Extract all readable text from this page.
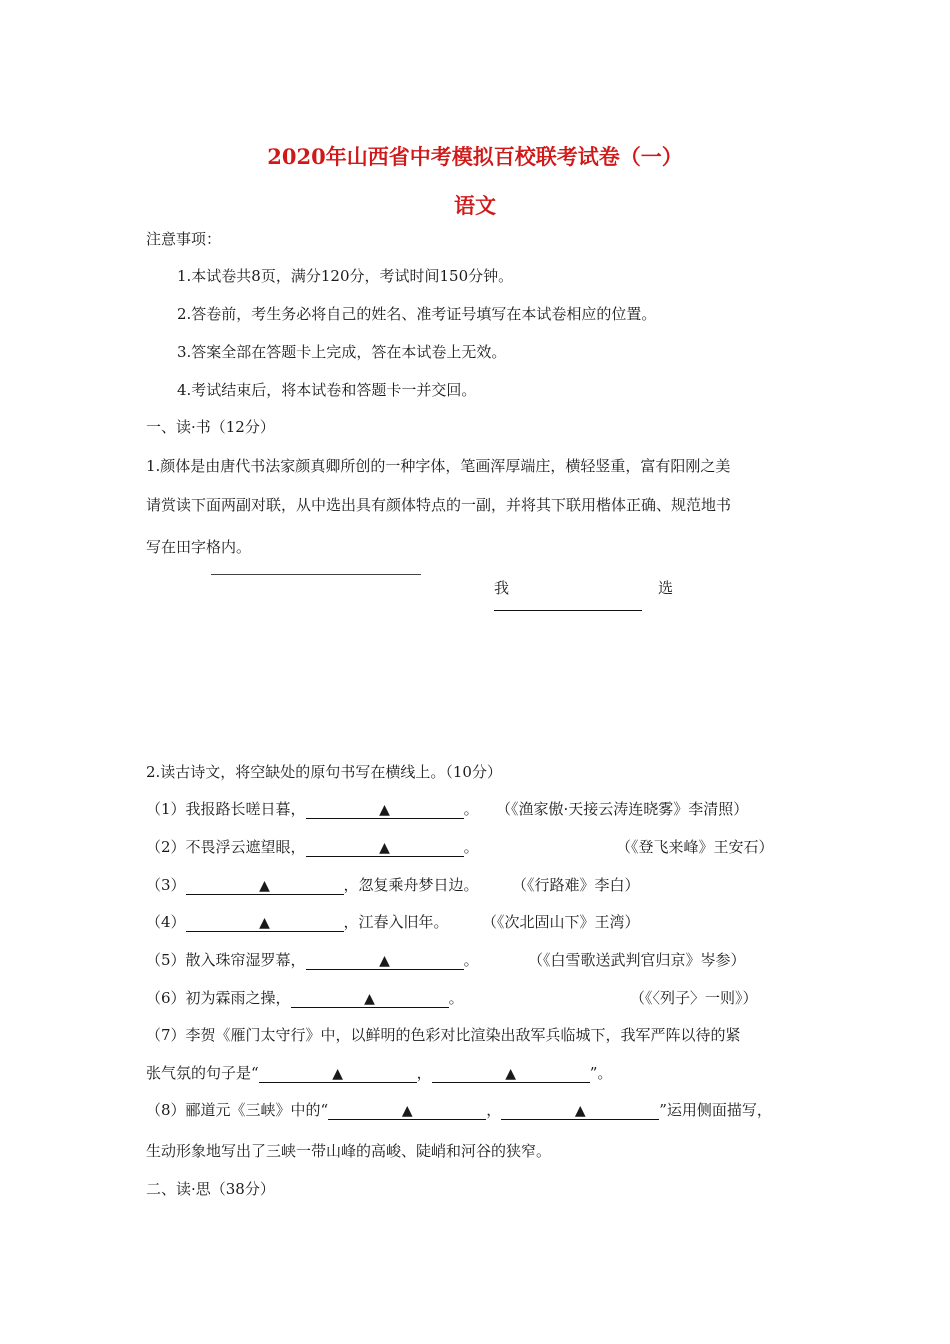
2020年山西省中考模拟百校联考试卷（一）
语文
注意事项：
1.本试卷共8页，满分120分，考试时间150分钟。
2.答卷前，考生务必将自己的姓名、准考证号填写在本试卷相应的位置。
3.答案全部在答题卡上完成，答在本试卷上无效。
4.考试结束后，将本试卷和答题卡一并交回。
一、读·书（12分）
1.颜体是由唐代书法家颜真卿所创的一种字体，笔画浑厚端庄，横轻竖重，富有阳刚之美
请赏读下面两副对联，从中选出具有颜体特点的一副，并将其下联用楷体正确、规范地书
写在田字格内。
我	选
2.读古诗文，将空缺处的原句书写在横线上。（10分）
（1）我报路长嗟日暮，	▲	。 （《渔家傲·天接云涛连晓雾》李清照）
（2）不畏浮云遮望眼，	▲	。	（《登飞来峰》王安石）
（3）	▲	，忽复乘舟梦日边。 （《行路难》李白）
（4）	▲	，江春入旧年。 （《次北固山下》王湾）
（5）散入珠帘湿罗幕，	▲	。	（《白雪歌送武判官归京》岑参）
（6）初为霖雨之操，	▲	。	（《〈列子〉一则》）
（7）李贺《雁门太守行》中，以鲜明的色彩对比渲染出敌军兵临城下，我军严阵以待的紧
张气氛的句子是“	▲	，	▲	”。
（8）郦道元《三峡》中的“	▲	，	▲	”运用侧面描写，
生动形象地写出了三峡一带山峰的高峻、陡峭和河谷的狭窄。
二、读·思（38分）
